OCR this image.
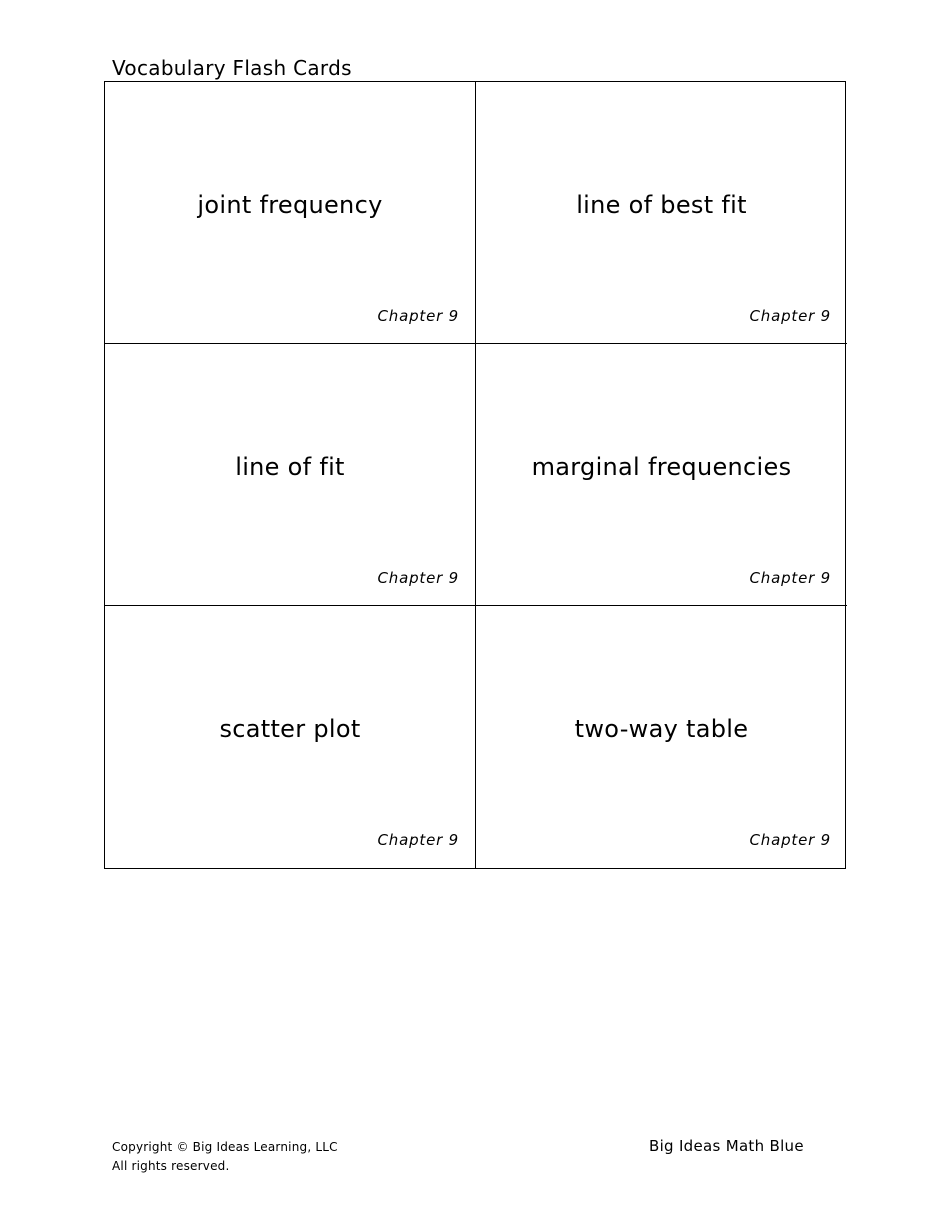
Vocabulary Flash Cards
joint frequency
Chapter 9
line of best fit
Chapter 9
line of fit
Chapter 9
marginal frequencies
Chapter 9
scatter plot
Chapter 9
two-way table
Chapter 9
Copyright © Big Ideas Learning, LLC
All rights reserved.
Big Ideas Math Blue
